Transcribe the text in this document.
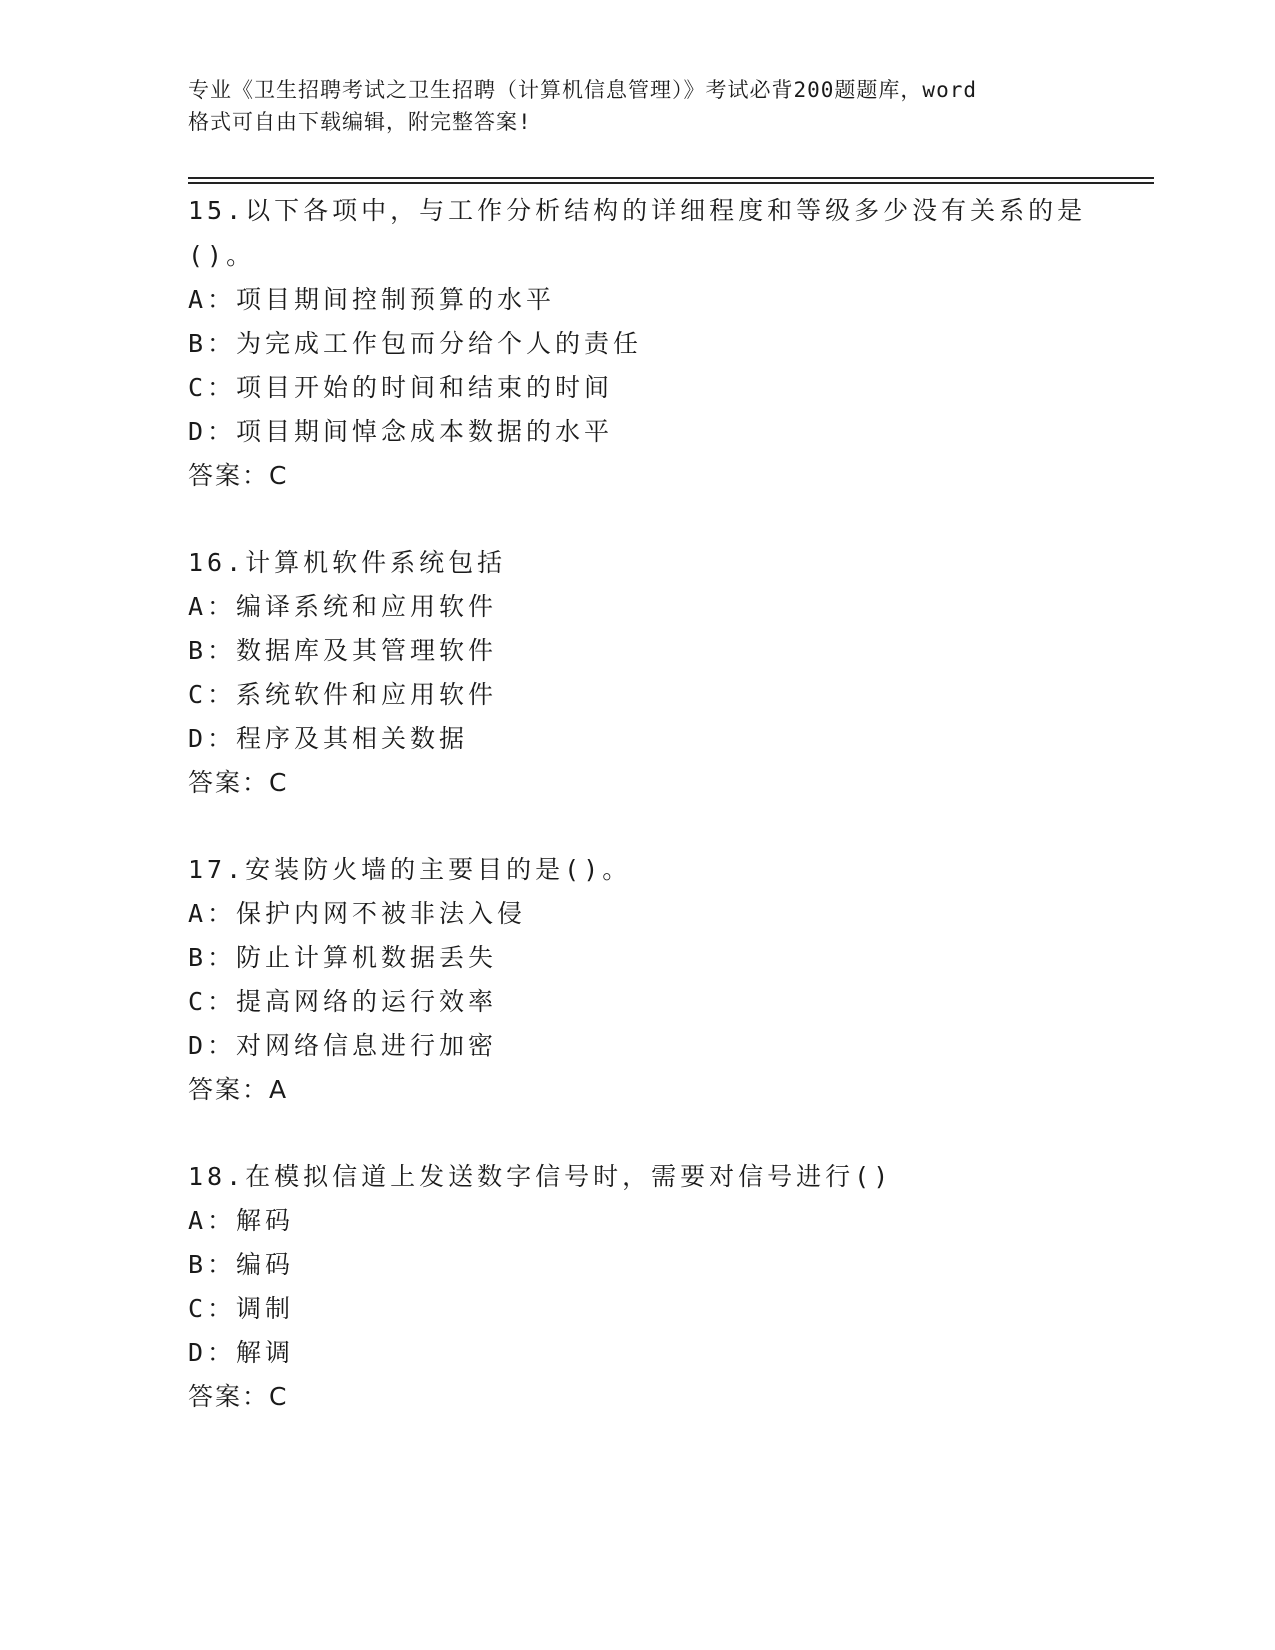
专业《卫生招聘考试之卫生招聘（计算机信息管理）》考试必背200题题库，word
格式可自由下载编辑，附完整答案!
15.以下各项中，与工作分析结构的详细程度和等级多少没有关系的是
()。
A：项目期间控制预算的水平
B：为完成工作包而分给个人的责任
C：项目开始的时间和结束的时间
D：项目期间悼念成本数据的水平
答案：C
16.计算机软件系统包括
A：编译系统和应用软件
B：数据库及其管理软件
C：系统软件和应用软件
D：程序及其相关数据
答案：C
17.安装防火墙的主要目的是()。
A：保护内网不被非法入侵
B：防止计算机数据丢失
C：提高网络的运行效率
D：对网络信息进行加密
答案：A
18.在模拟信道上发送数字信号时，需要对信号进行()
A：解码
B：编码
C：调制
D：解调
答案：C
